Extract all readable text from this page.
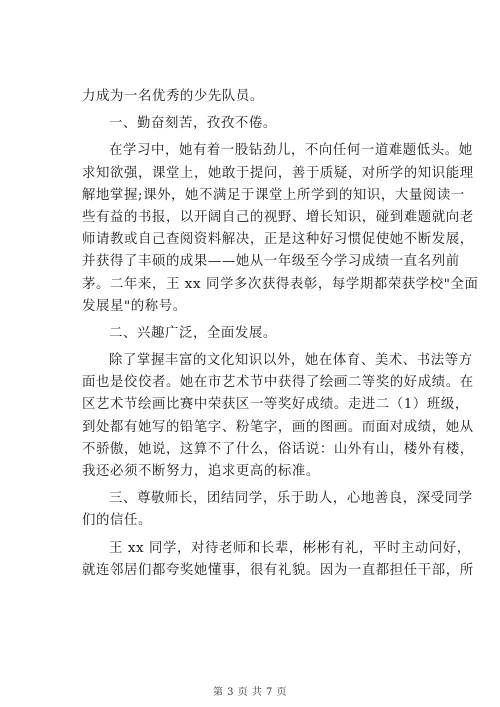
力成为一名优秀的少先队员。
一、勤奋刻苦，孜孜不倦。
在学习中，她有着一股钻劲儿，不向任何一道难题低头。她
求知欲强，课堂上，她敢于提问，善于质疑，对所学的知识能理
解地掌握;课外，她不满足于课堂上所学到的知识，大量阅读一
些有益的书报，以开阔自己的视野、增长知识，碰到难题就向老
师请教或自己查阅资料解决，正是这种好习惯促使她不断发展，
并获得了丰硕的成果——她从一年级至今学习成绩一直名列前
茅。二年来，王 xx 同学多次获得表彰，每学期都荣获学校"全面
发展星"的称号。
二、兴趣广泛，全面发展。
除了掌握丰富的文化知识以外，她在体育、美术、书法等方
面也是佼佼者。她在市艺术节中获得了绘画二等奖的好成绩。在
区艺术节绘画比赛中荣获区一等奖好成绩。走进二（1）班级，
到处都有她写的铅笔字、粉笔字，画的图画。而面对成绩，她从
不骄傲，她说，这算不了什么，俗话说：山外有山，楼外有楼，
我还必须不断努力，追求更高的标准。
三、尊敬师长，团结同学，乐于助人，心地善良，深受同学
们的信任。
王 xx 同学，对待老师和长辈，彬彬有礼，平时主动问好，
就连邻居们都夸奖她懂事，很有礼貌。因为一直都担任干部，所
第 3 页 共 7 页
